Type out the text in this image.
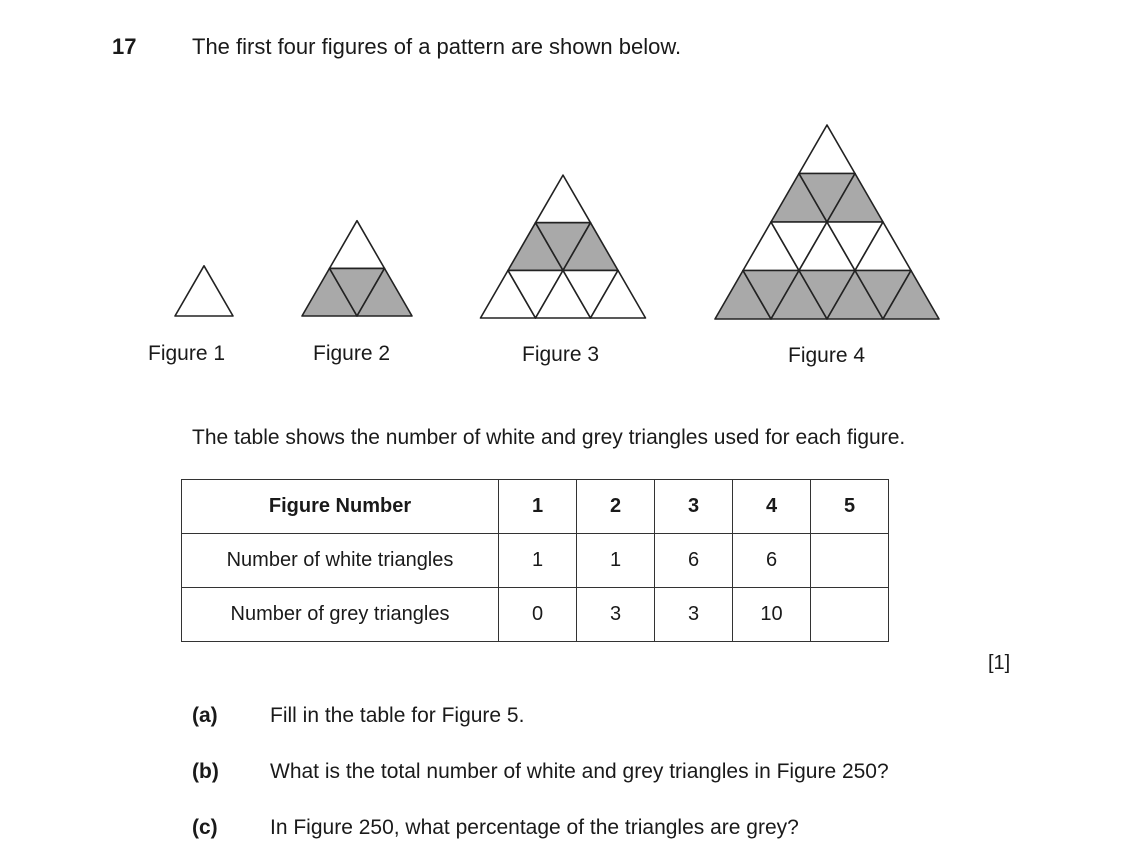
17	The first four figures of a pattern are shown below.
Figure 1	Figure 2	Figure 3	Figure 4
The table shows the number of white and grey triangles used for each figure.
Figure Number	1	2	3	4	5
Number of white triangles	1	1	6	6	
Number of grey triangles	0	3	3	10	
[1]
(a) Fill in the table for Figure 5.
(b) What is the total number of white and grey triangles in Figure 250?
(c) In Figure 250, what percentage of the triangles are grey?
